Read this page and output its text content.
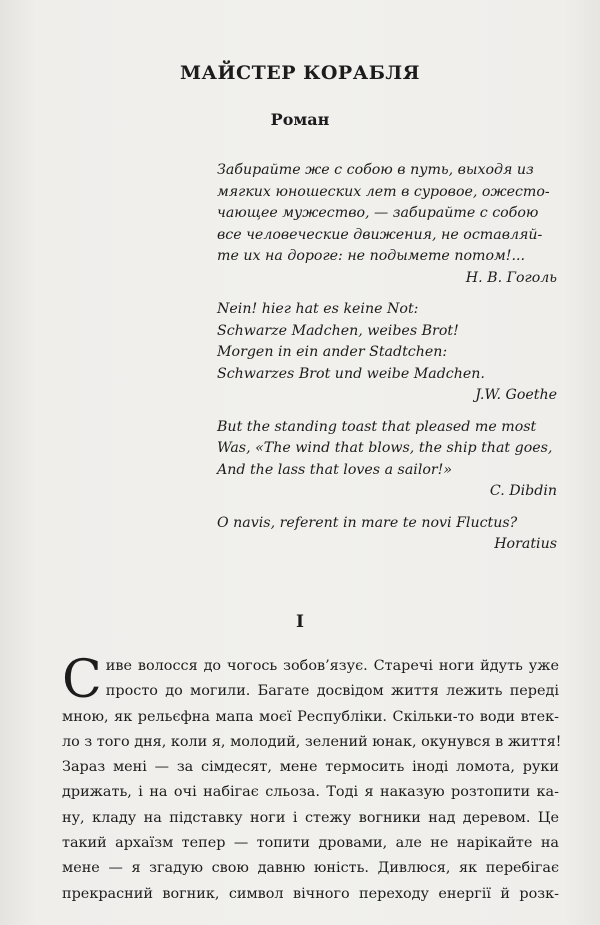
МАЙСТЕР КОРАБЛЯ
Роман
Забирайте же с собою в путь, выходя из
мягких юношеских лет в суровое, ожесто-
чающее мужество, — забирайте с собою
все человеческие движения, не оставляй-
те их на дороге: не подымете потом!...
Н. В. Гоголь
Nein! hieг hat es keine Not:
Schwarze Madchen, weibes Brot!
Morgen in ein ander Stadtchen:
Schwarzes Brot und weibe Madchen.
J.W. Goethe
But the standing toast that pleased me most
Was, «The wind that blows, the ship that goes,
And the lass that loves a sailor!»
C. Dibdin
O navis, referent in mare te novi Fluctus?
Horatius
I
С иве волосся до чогось зобов’язує. Старечі ноги йдуть уже
просто до могили. Багате досвідом життя лежить переді
мною, як рельєфна мапа моєї Республіки. Скільки-то води втек-
ло з того дня, коли я, молодий, зелений юнак, окунувся в життя!
Зараз мені — за сімдесят, мене термосить іноді ломота, руки
дрижать, і на очі набігає сльоза. Тоді я наказую розтопити ка-
ну, кладу на підставку ноги і стежу вогники над деревом. Це
такий архаїзм тепер — топити дровами, але не нарікайте на
мене — я згадую свою давню юність. Дивлюся, як перебігає
прекрасний вогник, символ вічного переходу енергії й розк-
